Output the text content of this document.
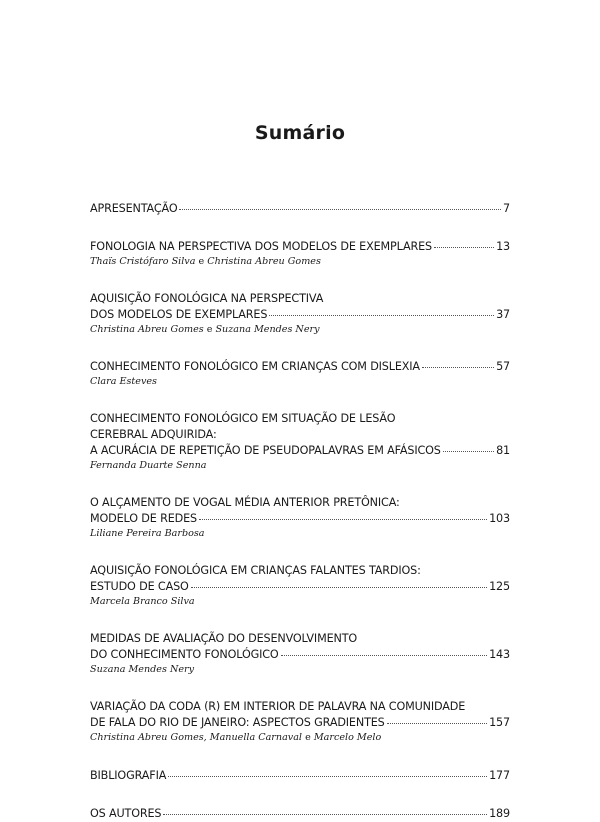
Sumário
APRESENTAÇÃO	7
FONOLOGIA NA PERSPECTIVA DOS MODELOS DE EXEMPLARES	13
Thaïs Cristófaro Silva e Christina Abreu Gomes
AQUISIÇÃO FONOLÓGICA NA PERSPECTIVA
DOS MODELOS DE EXEMPLARES	37
Christina Abreu Gomes e Suzana Mendes Nery
CONHECIMENTO FONOLÓGICO EM CRIANÇAS COM DISLEXIA	57
Clara Esteves
CONHECIMENTO FONOLÓGICO EM SITUAÇÃO DE LESÃO
CEREBRAL ADQUIRIDA:
A ACURÁCIA DE REPETIÇÃO DE PSEUDOPALAVRAS EM AFÁSICOS	81
Fernanda Duarte Senna
O ALÇAMENTO DE VOGAL MÉDIA ANTERIOR PRETÔNICA:
MODELO DE REDES	103
Liliane Pereira Barbosa
AQUISIÇÃO FONOLÓGICA EM CRIANÇAS FALANTES TARDIOS:
ESTUDO DE CASO	125
Marcela Branco Silva
MEDIDAS DE AVALIAÇÃO DO DESENVOLVIMENTO
DO CONHECIMENTO FONOLÓGICO	143
Suzana Mendes Nery
VARIAÇÃO DA CODA (R) EM INTERIOR DE PALAVRA NA COMUNIDADE
DE FALA DO RIO DE JANEIRO: ASPECTOS GRADIENTES	157
Christina Abreu Gomes, Manuella Carnaval e Marcelo Melo
BIBLIOGRAFIA	177
OS AUTORES	189
